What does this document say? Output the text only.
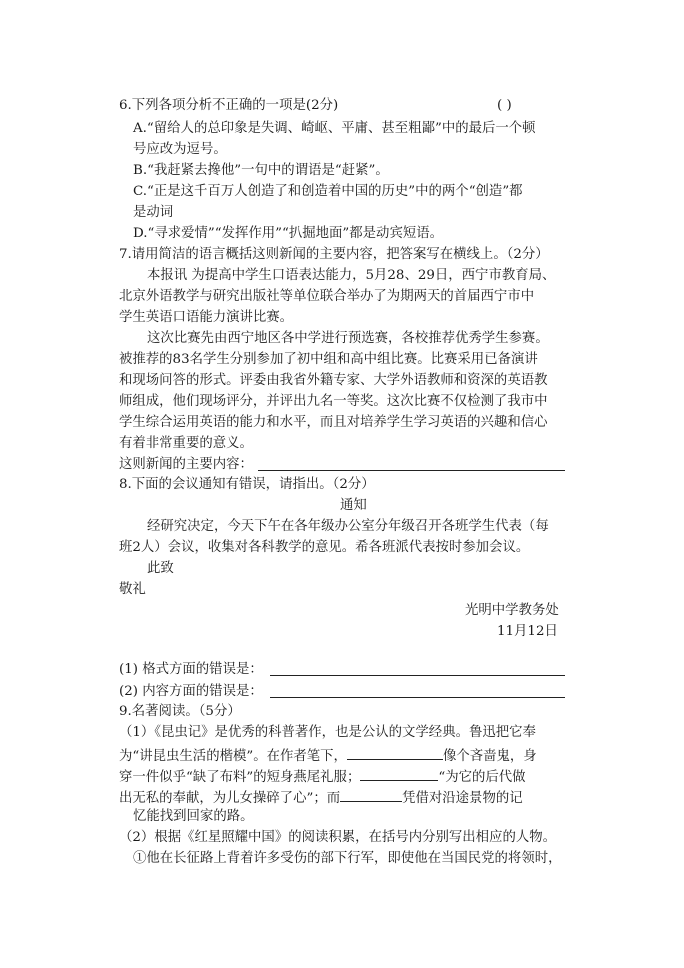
6.下列各项分析不正确的一项是(2分)	( )
A.“留给人的总印象是失调、崎岖、平庸、甚至粗鄙”中的最后一个顿
号应改为逗号。
B.“我赶紧去搀他”一句中的谓语是“赶紧”。
C.“正是这千百万人创造了和创造着中国的历史”中的两个“创造”都
是动词
D.“寻求爱情”“发挥作用”“扒掘地面”都是动宾短语。
7.请用简洁的语言概括这则新闻的主要内容，把答案写在横线上。（2分）
本报讯 为提高中学生口语表达能力，5月28、29日，西宁市教育局、
北京外语教学与研究出版社等单位联合举办了为期两天的首届西宁市中
学生英语口语能力演讲比赛。
这次比赛先由西宁地区各中学进行预选赛，各校推荐优秀学生参赛。
被推荐的83名学生分别参加了初中组和高中组比赛。比赛采用已备演讲
和现场问答的形式。评委由我省外籍专家、大学外语教师和资深的英语教
师组成，他们现场评分，并评出九名一等奖。这次比赛不仅检测了我市中
学生综合运用英语的能力和水平，而且对培养学生学习英语的兴趣和信心
有着非常重要的意义。
这则新闻的主要内容：
8.下面的会议通知有错误，请指出。（2分）
通知
经研究决定，今天下午在各年级办公室分年级召开各班学生代表（每
班2人）会议，收集对各科教学的意见。希各班派代表按时参加会议。
此致
敬礼
光明中学教务处
11月12日
(1) 格式方面的错误是：
(2) 内容方面的错误是：
9.名著阅读。（5分）
（1）《昆虫记》是优秀的科普著作，也是公认的文学经典。鲁迅把它奉
为“讲昆虫生活的楷模”。在作者笔下，	像个吝啬鬼，身
穿一件似乎“缺了布料”的短身燕尾礼服；	“为它的后代做
出无私的奉献，为儿女操碎了心”；而	凭借对沿途景物的记
忆能找到回家的路。
（2）根据《红星照耀中国》的阅读积累，在括号内分别写出相应的人物。
①他在长征路上背着许多受伤的部下行军，即使他在当国民党的将领时，
